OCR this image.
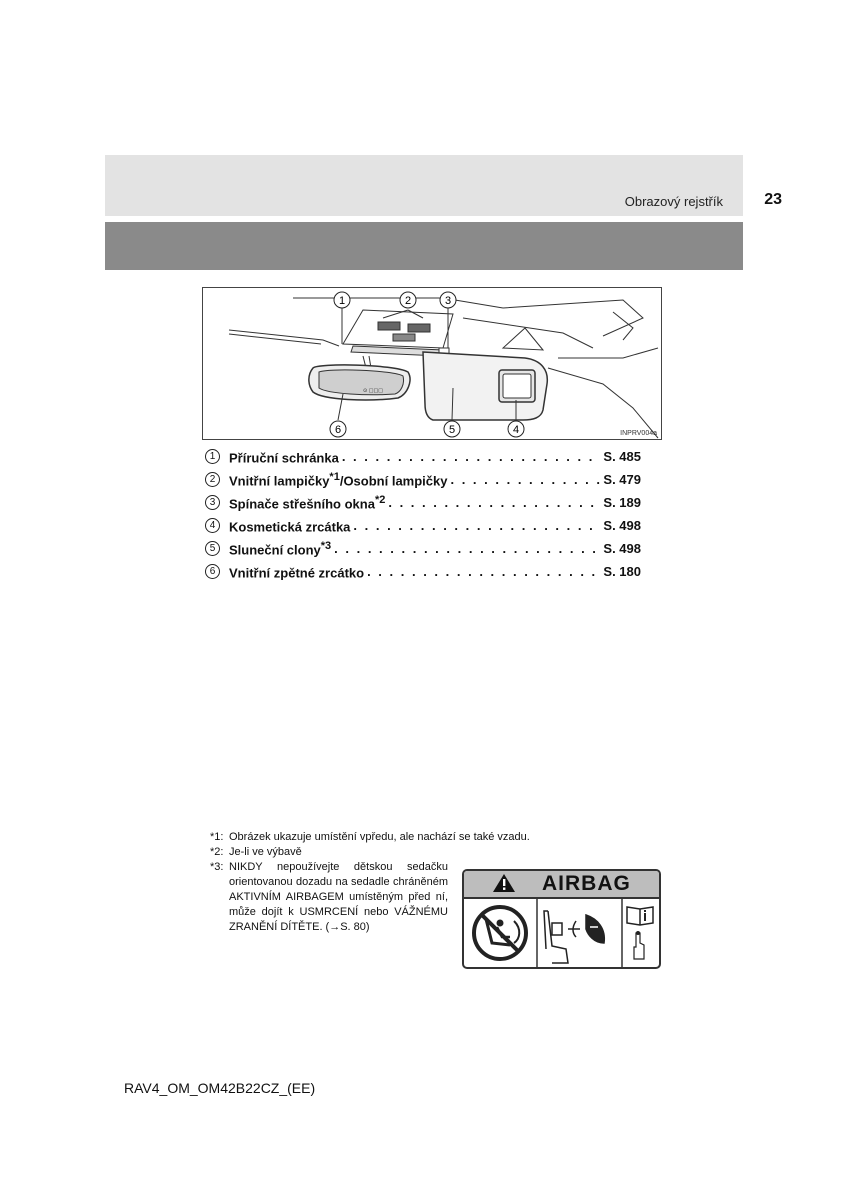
Obrazový rejstřík	23
⊙ □□□
1	2	3
4
5
6	INPRV004a
1	Příruční schránka . . .	S. 485
2	Vnitřní lampičky$^{*1}$/Osobní lampičky . . .	S. 479
3	Spínače střešního okna$^{*2}$ . . .	S. 189
4	Kosmetická zrcátka . . .	S. 498
5	Sluneční clony$^{*3}$ . . .	S. 498
6	Vnitřní zpětné zrcátko . . .	S. 180
*1: Obrázek ukazuje umístění vpředu, ale nachází se také vzadu.
*2: Je-li ve výbavě
*3: NIKDY nepoužívejte dětskou sedačku orientovanou dozadu na sedadle chráněném AKTIVNÍM AIRBAGEM umístěným před ní, může dojít k USMRCENÍ nebo VÁŽNÉMU ZRANĚNÍ DÍTĚTE. (→S. 80)
AIRBAG
RAV4_OM_OM42B22CZ_(EE)
